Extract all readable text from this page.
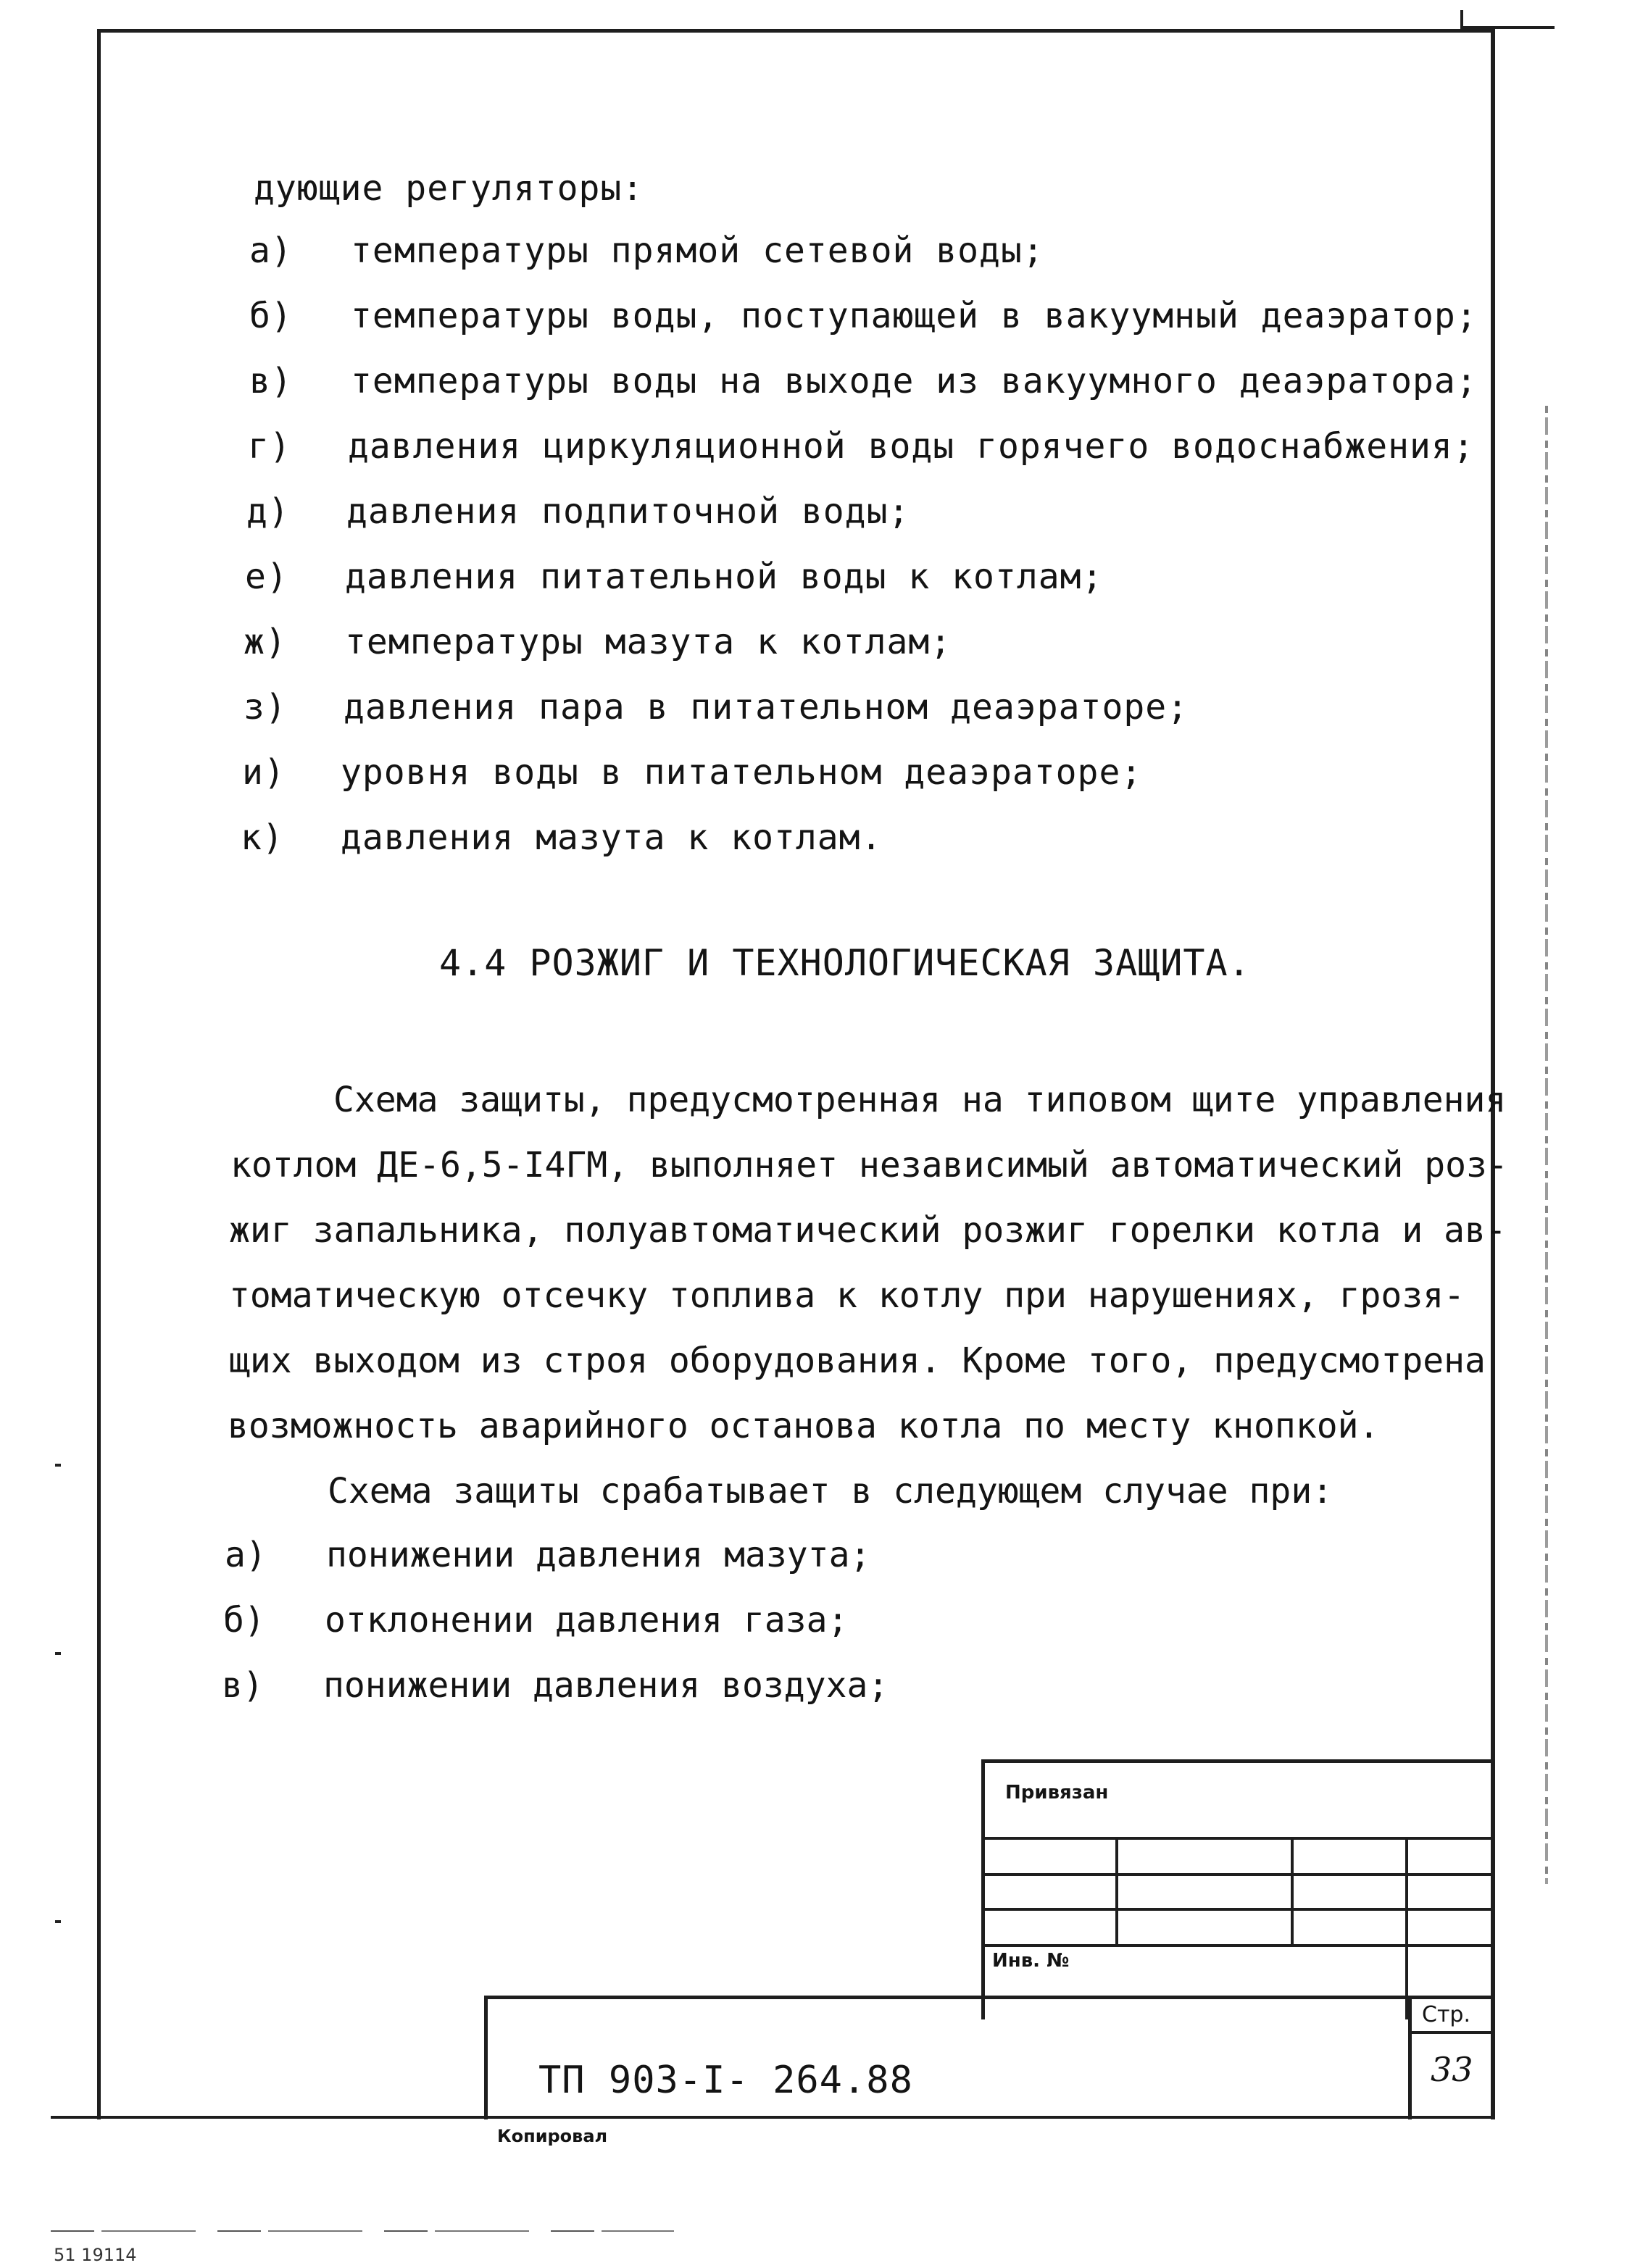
дующие регуляторы:
а) температуры прямой сетевой воды;
б) температуры воды, поступающей в вакуумный деаэратор;
в) температуры воды на выходе из вакуумного деаэратора;
г) давления циркуляционной воды горячего водоснабжения;
д) давления подпиточной воды;
е) давления питательной воды к котлам;
ж) температуры мазута к котлам;
з) давления пара в питательном деаэраторе;
и) уровня воды в питательном деаэраторе;
к) давления мазута к котлам.
4.4 РОЗЖИГ И ТЕХНОЛОГИЧЕСКАЯ ЗАЩИТА.
Схема защиты, предусмотренная на типовом щите управления
котлом ДЕ-6,5-I4ГМ, выполняет независимый автоматический роз-
жиг запальника, полуавтоматический розжиг горелки котла и ав-
томатическую отсечку топлива к котлу при нарушениях, грозя-
щих выходом из строя оборудования. Кроме того, предусмотрена
возможность аварийного останова котла по месту кнопкой.
Схема защиты срабатывает в следующем случае при:
а) понижении давления мазута;
б) отклонении давления газа;
в) понижении давления воздуха;
Привязан
Инв. №
ТП 903-I- 264.88
Стр.
33
Копировал
51 19114
